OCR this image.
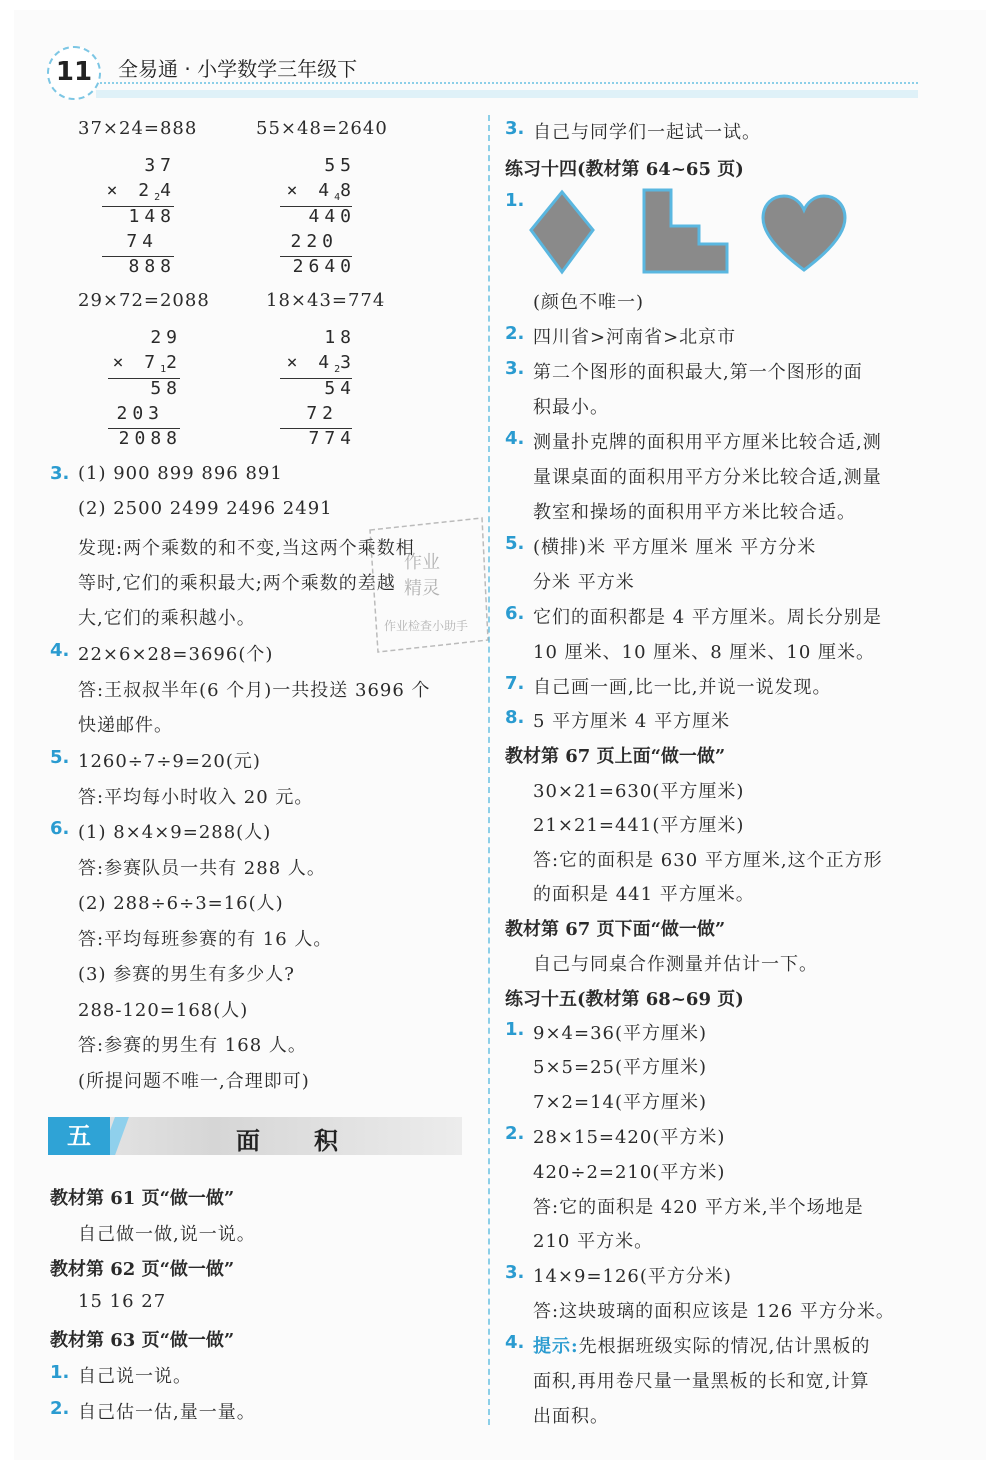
11	全易通 · 小学数学三年级下
37×24=888	55×48=2640
37
× $2_24$
148
74
888
55
× $4_48$
440
220
2640
29×72=2088	18×43=774
29
× $7_12$
58
203
2088
18
× $4_23$
54
72
774
3. (1) 900 899 896 891
(2) 2500 2499 2496 2491
发现:两个乘数的和不变,当这两个乘数相
等时,它们的乘积最大;两个乘数的差越
大,它们的乘积越小。
4. 22×6×28=3696(个)
答:王叔叔半年(6 个月)一共投送 3696 个
快递邮件。
5. 1260÷7÷9=20(元)
答:平均每小时收入 20 元。
6. (1) 8×4×9=288(人)
答:参赛队员一共有 288 人。
(2) 288÷6÷3=16(人)
答:平均每班参赛的有 16 人。
(3) 参赛的男生有多少人?
288-120=168(人)
答:参赛的男生有 168 人。
(所提问题不唯一,合理即可)
五	面积
教材第 61 页“做一做”
自己做一做,说一说。
教材第 62 页“做一做”
15 16 27
教材第 63 页“做一做”
1. 自己说一说。
2. 自己估一估,量一量。
作业
精灵
作业检查小助手
3. 自己与同学们一起试一试。
练习十四(教材第 64~65 页)
1.
(颜色不唯一)
2. 四川省>河南省>北京市
3. 第二个图形的面积最大,第一个图形的面
积最小。
4. 测量扑克牌的面积用平方厘米比较合适,测
量课桌面的面积用平方分米比较合适,测量
教室和操场的面积用平方米比较合适。
5. (横排)米 平方厘米 厘米 平方分米
分米 平方米
6. 它们的面积都是 4 平方厘米。周长分别是
10 厘米、10 厘米、8 厘米、10 厘米。
7. 自己画一画,比一比,并说一说发现。
8. 5 平方厘米 4 平方厘米
教材第 67 页上面“做一做”
30×21=630(平方厘米)
21×21=441(平方厘米)
答:它的面积是 630 平方厘米,这个正方形
的面积是 441 平方厘米。
教材第 67 页下面“做一做”
自己与同桌合作测量并估计一下。
练习十五(教材第 68~69 页)
1. 9×4=36(平方厘米)
5×5=25(平方厘米)
7×2=14(平方厘米)
2. 28×15=420(平方米)
420÷2=210(平方米)
答:它的面积是 420 平方米,半个场地是
210 平方米。
3. 14×9=126(平方分米)
答:这块玻璃的面积应该是 126 平方分米。
4. 提示:先根据班级实际的情况,估计黑板的
面积,再用卷尺量一量黑板的长和宽,计算
出面积。
